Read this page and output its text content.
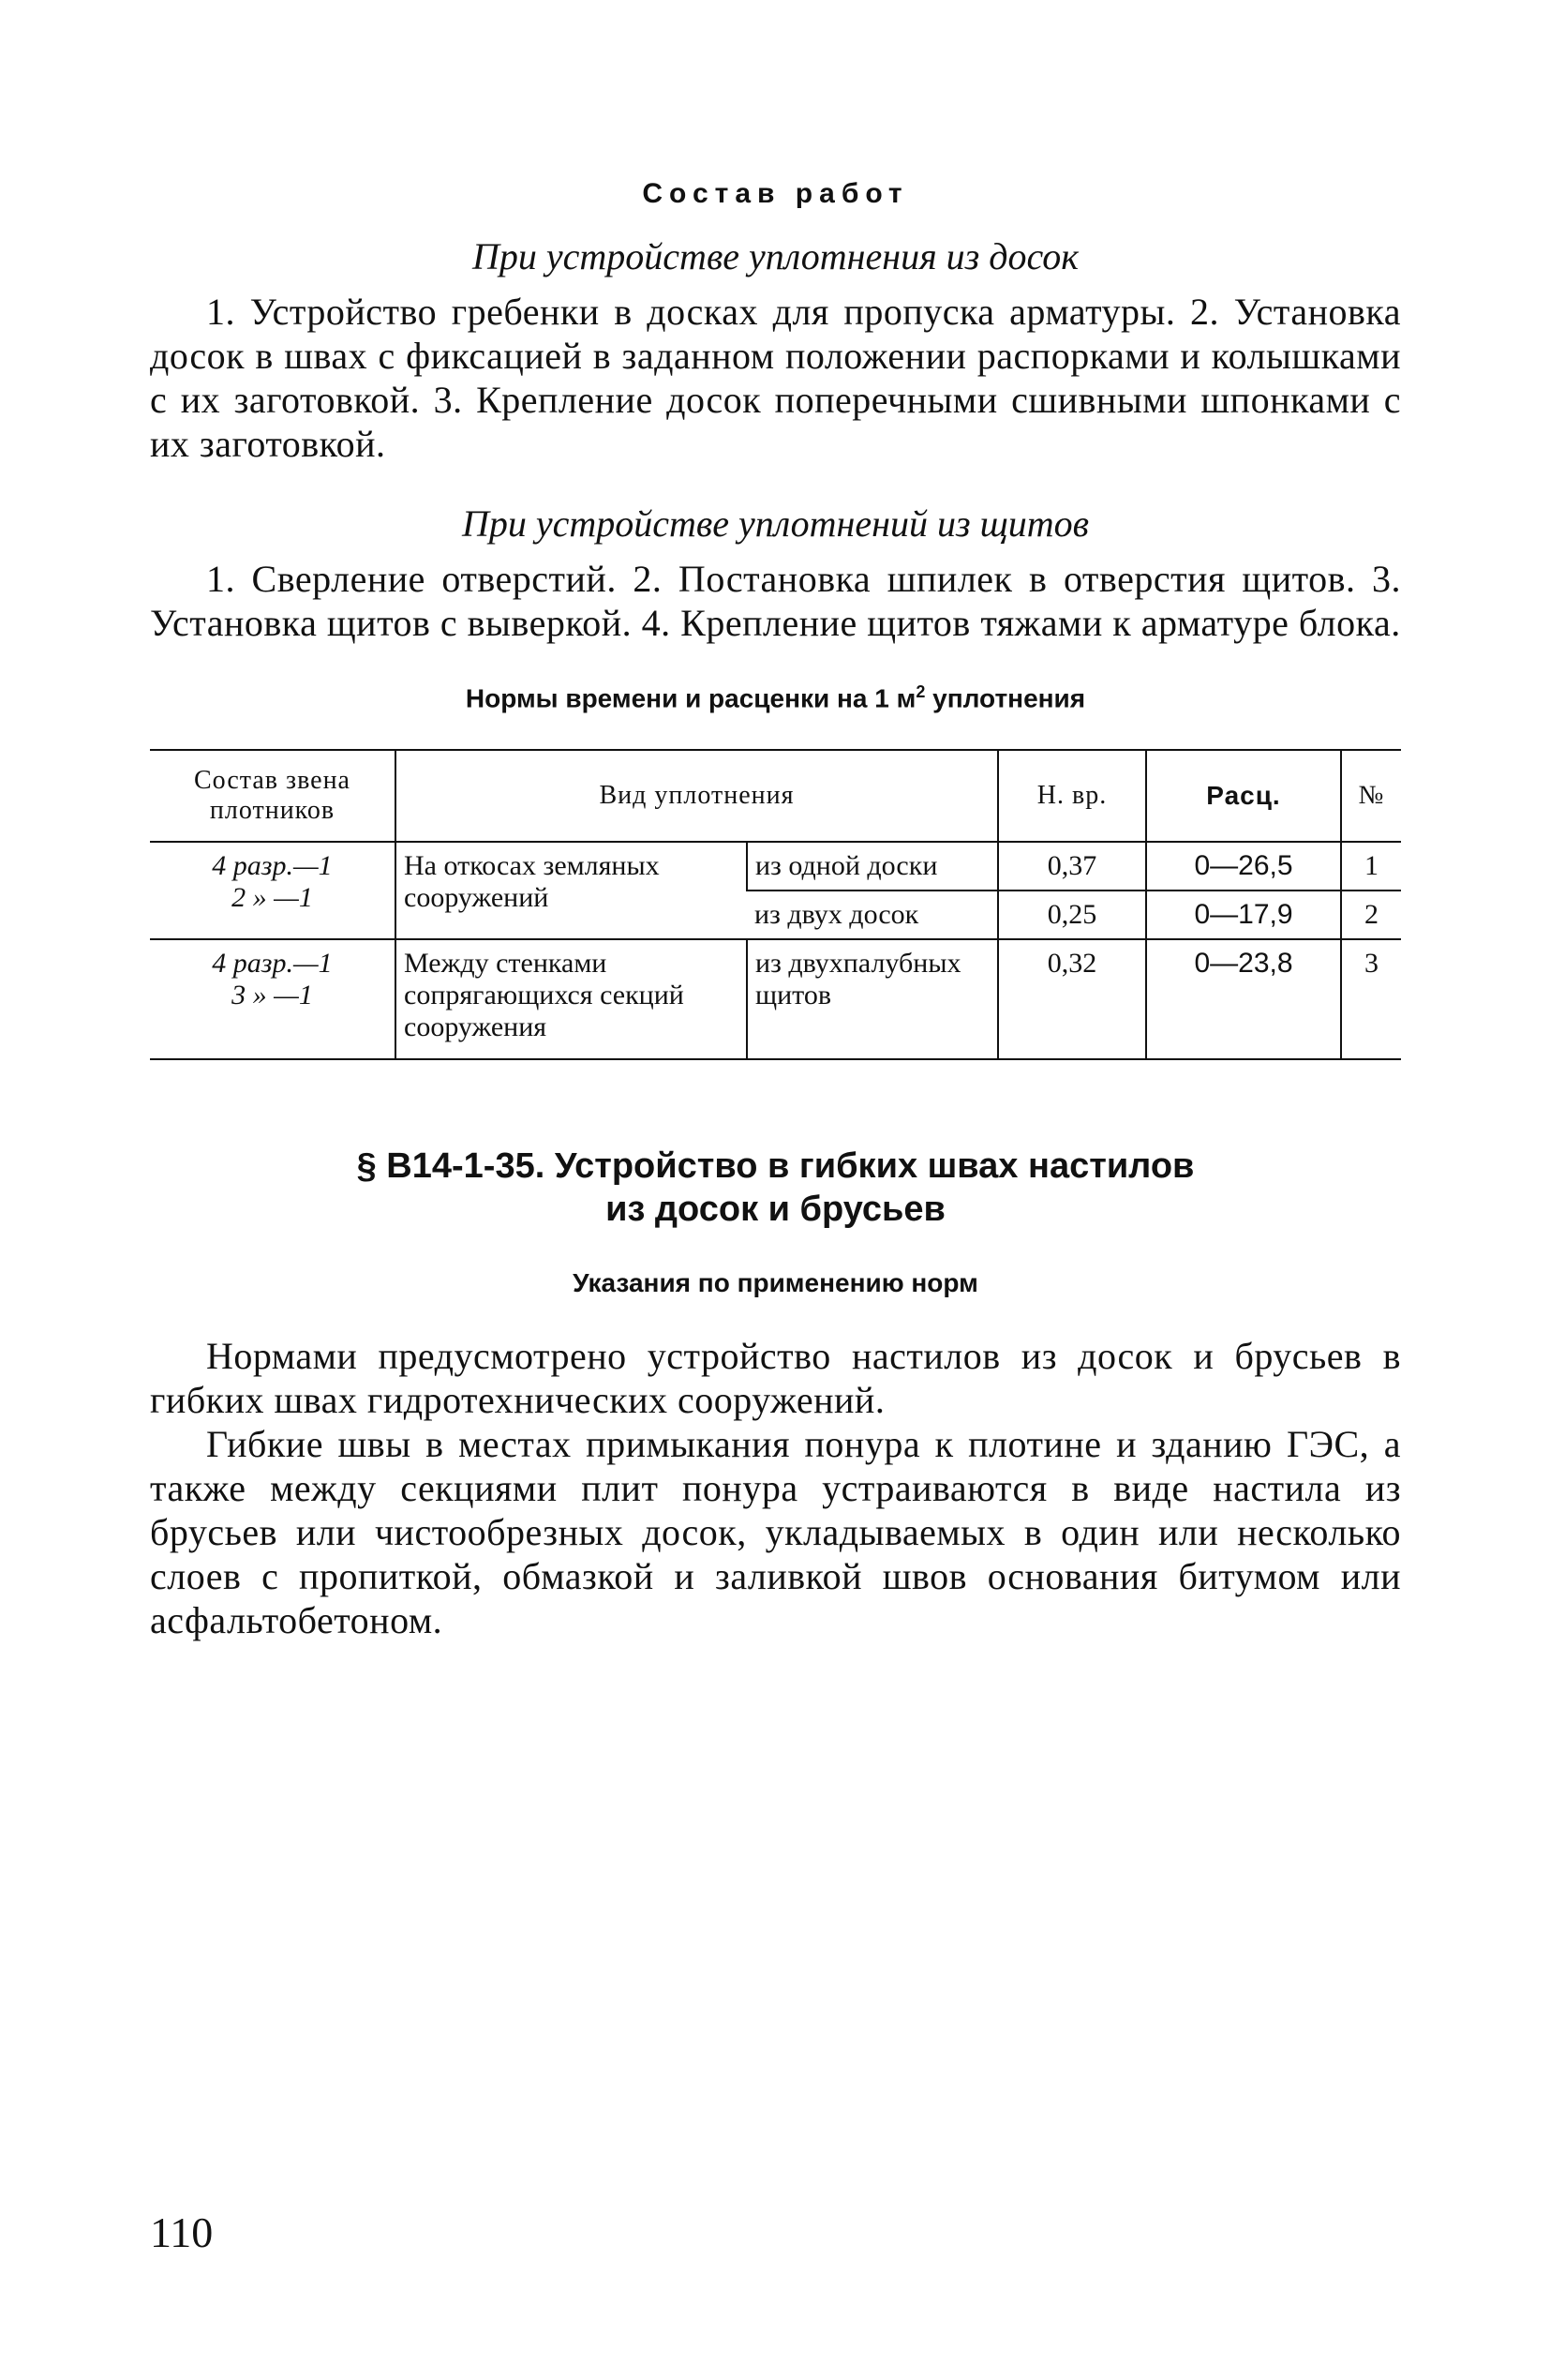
Состав работ
При устройстве уплотнения из досок

1. Устройство гребенки в досках для пропуска арматуры. 2. Установка досок в швах с фиксацией в заданном положении распорками и колышками с их заготовкой. 3. Крепление досок поперечными сшивными шпонками с их заготовкой.

При устройстве уплотнений из щитов

1. Сверление отверстий. 2. Постановка шпилек в отверстия щитов. 3. Установка щитов с выверкой. 4. Крепление щитов тяжами к арматуре блока.

Нормы времени и расценки на 1 $м^2$ уплотнения
Состав звена плотников	Вид уплотнения		Н. вр.	Расц.	№

4 разр.—1
2 » —1	На откосах земляных сооружений	из одной доски	0,37	0—26,5	1
		из двух досок	0,25	0—17,9	2

4 разр.—1
3 » —1	Между стенками сопрягающихся секций сооружения	из двухпалубных щитов	0,32	0—23,8	3
§ В14-1-35. Устройство в гибких швах настилов
из досок и брусьев
Указания по применению норм

Нормами предусмотрено устройство настилов из досок и брусьев в гибких швах гидротехнических сооружений.

Гибкие швы в местах примыкания понура к плотине и зданию ГЭС, а также между секциями плит понура устраиваются в виде настила из брусьев или чистообрезных досок, укладываемых в один или несколько слоев с пропиткой, обмазкой и заливкой швов основания битумом или асфальтобетоном.

110
